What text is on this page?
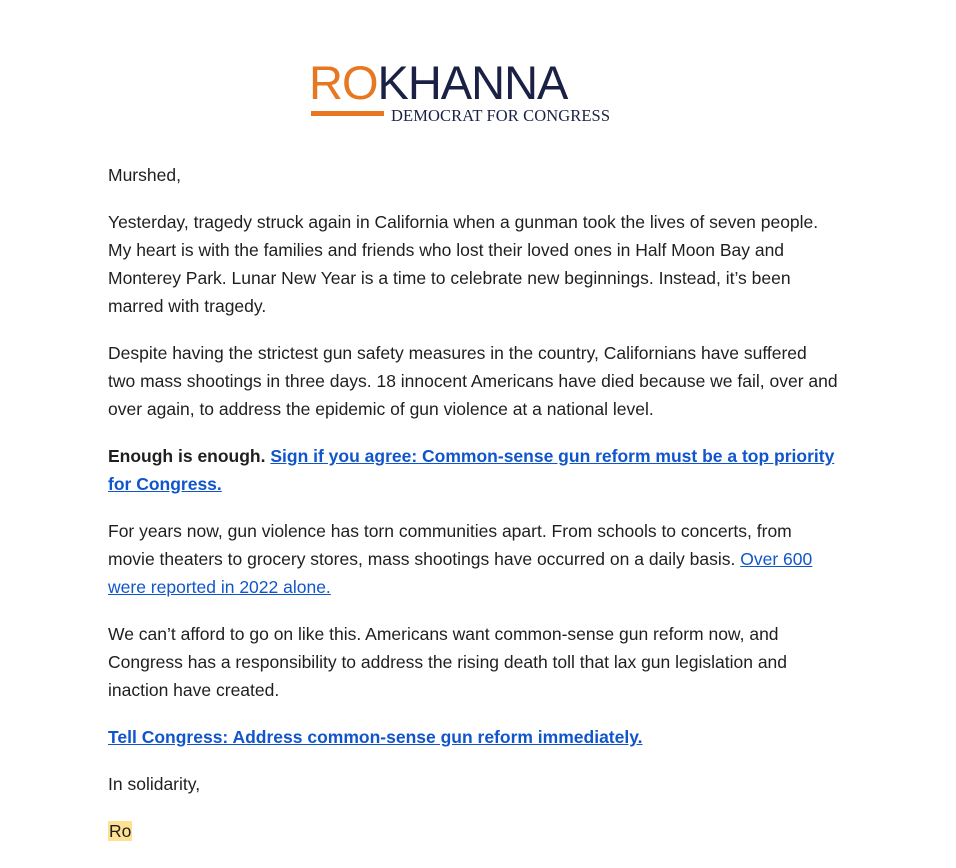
ROKHANNA
DEMOCRAT FOR CONGRESS

Murshed,

Yesterday, tragedy struck again in California when a gunman took the lives of seven people. My heart is with the families and friends who lost their loved ones in Half Moon Bay and Monterey Park. Lunar New Year is a time to celebrate new beginnings. Instead, it’s been marred with tragedy.

Despite having the strictest gun safety measures in the country, Californians have suffered two mass shootings in three days. 18 innocent Americans have died because we fail, over and over again, to address the epidemic of gun violence at a national level.

Enough is enough. Sign if you agree: Common-sense gun reform must be a top priority for Congress.

For years now, gun violence has torn communities apart. From schools to concerts, from movie theaters to grocery stores, mass shootings have occurred on a daily basis. Over 600 were reported in 2022 alone.

We can’t afford to go on like this. Americans want common-sense gun reform now, and Congress has a responsibility to address the rising death toll that lax gun legislation and inaction have created.

Tell Congress: Address common-sense gun reform immediately.

In solidarity,

Ro
